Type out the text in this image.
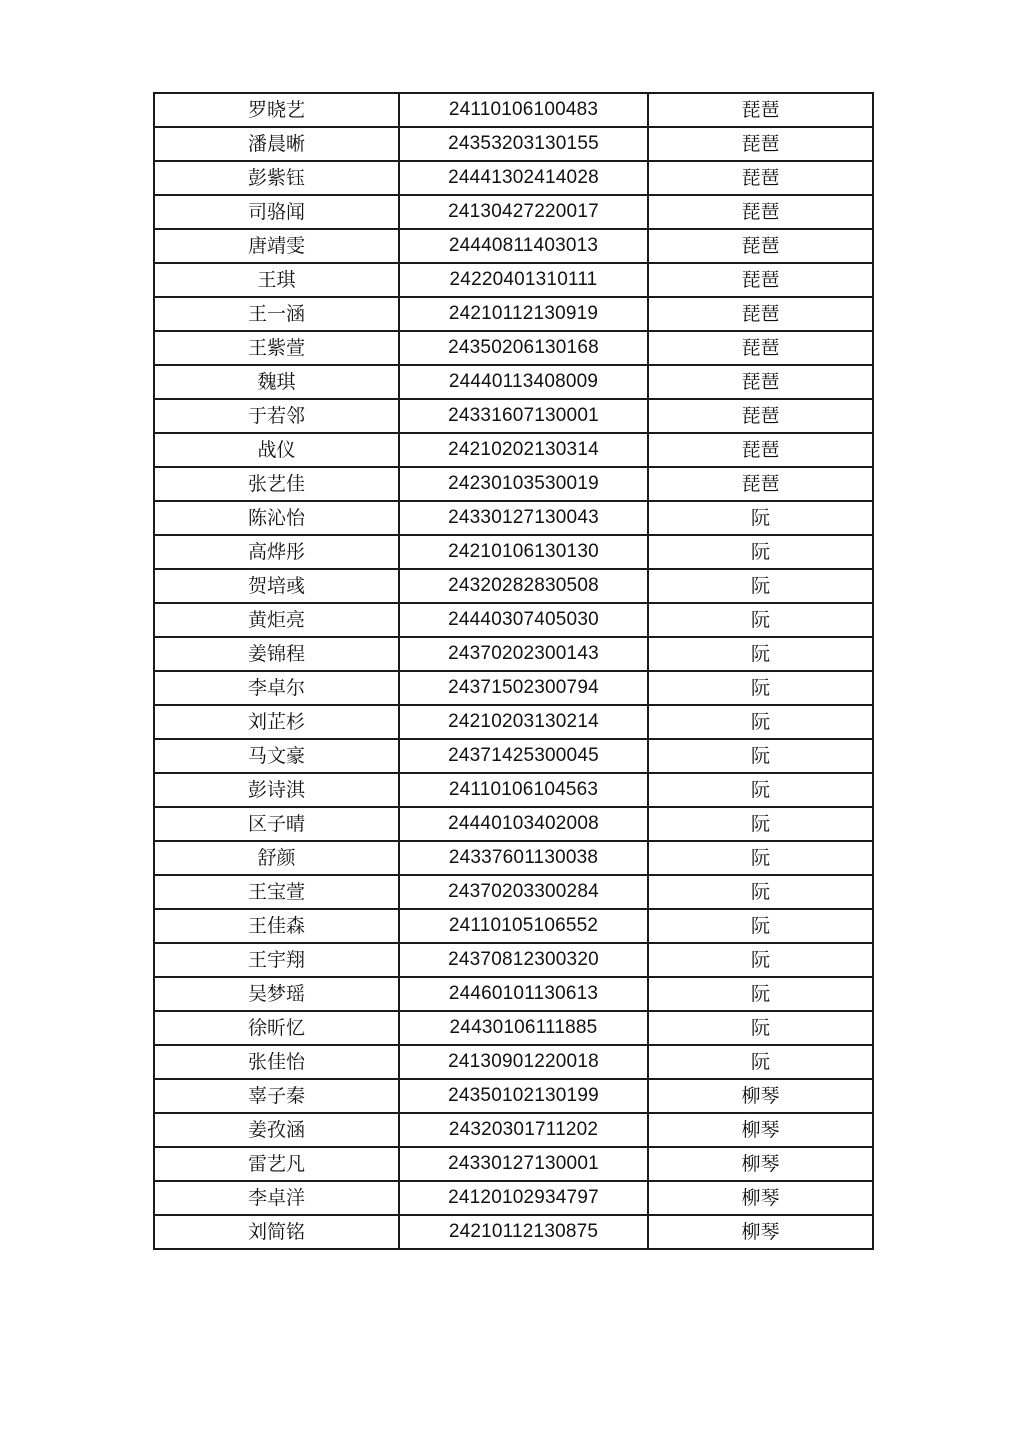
罗晓艺	24110106100483	琵琶
潘晨晰	24353203130155	琵琶
彭紫钰	24441302414028	琵琶
司骆闻	24130427220017	琵琶
唐靖雯	24440811403013	琵琶
王琪	24220401310111	琵琶
王一涵	24210112130919	琵琶
王紫萱	24350206130168	琵琶
魏琪	24440113408009	琵琶
于若邻	24331607130001	琵琶
战仪	24210202130314	琵琶
张艺佳	24230103530019	琵琶
陈沁怡	24330127130043	阮
高烨彤	24210106130130	阮
贺培彧	24320282830508	阮
黄炬亮	24440307405030	阮
姜锦程	24370202300143	阮
李卓尔	24371502300794	阮
刘芷杉	24210203130214	阮
马文豪	24371425300045	阮
彭诗淇	24110106104563	阮
区子晴	24440103402008	阮
舒颜	24337601130038	阮
王宝萱	24370203300284	阮
王佳森	24110105106552	阮
王宇翔	24370812300320	阮
吴梦瑶	24460101130613	阮
徐昕忆	24430106111885	阮
张佳怡	24130901220018	阮
辜子秦	24350102130199	柳琴
姜孜涵	24320301711202	柳琴
雷艺凡	24330127130001	柳琴
李卓洋	24120102934797	柳琴
刘简铭	24210112130875	柳琴
